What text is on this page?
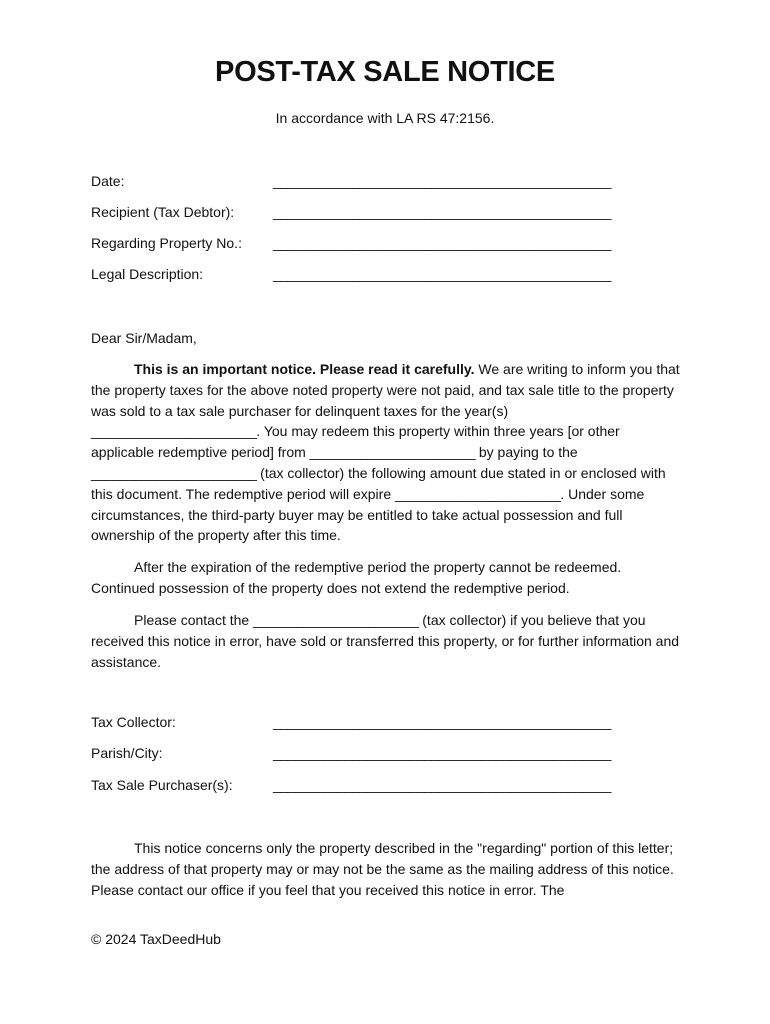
POST-TAX SALE NOTICE
In accordance with LA RS 47:2156.
Date:	_______________________________________________
Recipient (Tax Debtor):	_______________________________________________
Regarding Property No.: _______________________________________________
Legal Description:	_______________________________________________

Dear Sir/Madam,

This is an important notice. Please read it carefully. We are writing to inform you that the property taxes for the above noted property were not paid, and tax sale title to the property was sold to a tax sale purchaser for delinquent taxes for the year(s) _______________________. You may redeem this property within three years [or other applicable redemptive period] from _______________________ by paying to the _______________________ (tax collector) the following amount due stated in or enclosed with this document. The redemptive period will expire _______________________. Under some circumstances, the third-party buyer may be entitled to take actual possession and full ownership of the property after this time.

After the expiration of the redemptive period the property cannot be redeemed. Continued possession of the property does not extend the redemptive period.

Please contact the _______________________ (tax collector) if you believe that you received this notice in error, have sold or transferred this property, or for further information and assistance.

Tax Collector:	_______________________________________________
Parish/City:	_______________________________________________
Tax Sale Purchaser(s):	_______________________________________________

This notice concerns only the property described in the "regarding" portion of this letter; the address of that property may or may not be the same as the mailing address of this notice. Please contact our office if you feel that you received this notice in error. The

© 2024 TaxDeedHub
